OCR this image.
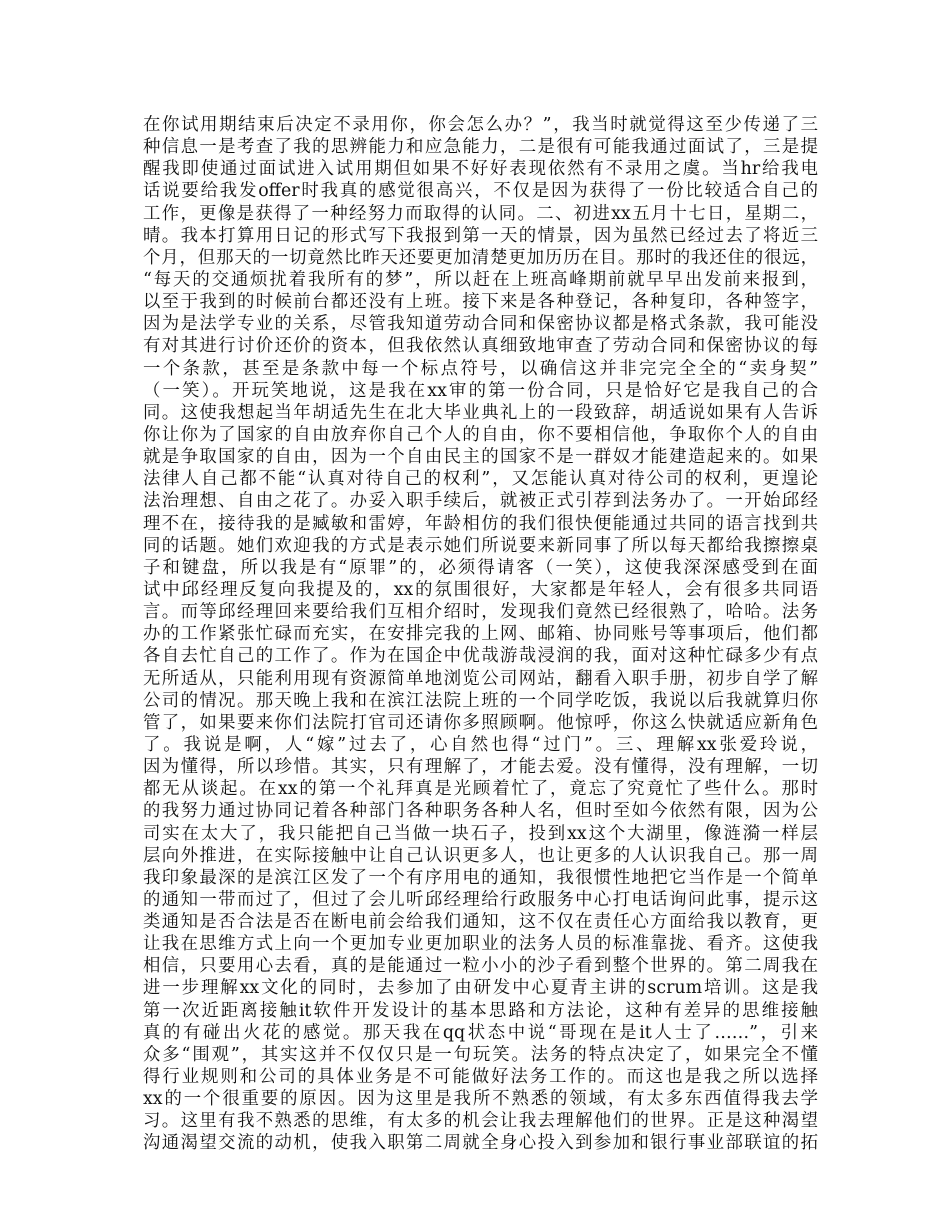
在你试用期结束后决定不录用你，你会怎么办？”，我当时就觉得这至少传递了三
种信息一是考查了我的思辨能力和应急能力，二是很有可能我通过面试了，三是提
醒我即使通过面试进入试用期但如果不好好表现依然有不录用之虞。当hr给我电
话说要给我发offer时我真的感觉很高兴，不仅是因为获得了一份比较适合自己的
工作，更像是获得了一种经努力而取得的认同。二、初进xx五月十七日，星期二，
晴。我本打算用日记的形式写下我报到第一天的情景，因为虽然已经过去了将近三
个月，但那天的一切竟然比昨天还要更加清楚更加历历在目。那时的我还住的很远，
“每天的交通烦扰着我所有的梦”，所以赶在上班高峰期前就早早出发前来报到，
以至于我到的时候前台都还没有上班。接下来是各种登记，各种复印，各种签字，
因为是法学专业的关系，尽管我知道劳动合同和保密协议都是格式条款，我可能没
有对其进行讨价还价的资本，但我依然认真细致地审查了劳动合同和保密协议的每
一个条款，甚至是条款中每一个标点符号，以确信这并非完完全全的“卖身契”
（一笑）。开玩笑地说，这是我在xx审的第一份合同，只是恰好它是我自己的合
同。这使我想起当年胡适先生在北大毕业典礼上的一段致辞，胡适说如果有人告诉
你让你为了国家的自由放弃你自己个人的自由，你不要相信他，争取你个人的自由
就是争取国家的自由，因为一个自由民主的国家不是一群奴才能建造起来的。如果
法律人自己都不能“认真对待自己的权利”，又怎能认真对待公司的权利，更遑论
法治理想、自由之花了。办妥入职手续后，就被正式引荐到法务办了。一开始邱经
理不在，接待我的是臧敏和雷婷，年龄相仿的我们很快便能通过共同的语言找到共
同的话题。她们欢迎我的方式是表示她们所说要来新同事了所以每天都给我擦擦桌
子和键盘，所以我是有“原罪”的，必须得请客（一笑），这使我深深感受到在面
试中邱经理反复向我提及的，xx的氛围很好，大家都是年轻人，会有很多共同语
言。而等邱经理回来要给我们互相介绍时，发现我们竟然已经很熟了，哈哈。法务
办的工作紧张忙碌而充实，在安排完我的上网、邮箱、协同账号等事项后，他们都
各自去忙自己的工作了。作为在国企中优哉游哉浸润的我，面对这种忙碌多少有点
无所适从，只能利用现有资源简单地浏览公司网站，翻看入职手册，初步自学了解
公司的情况。那天晚上我和在滨江法院上班的一个同学吃饭，我说以后我就算归你
管了，如果要来你们法院打官司还请你多照顾啊。他惊呼，你这么快就适应新角色
了。我说是啊，人“嫁”过去了，心自然也得“过门”。三、理解xx张爱玲说，
因为懂得，所以珍惜。其实，只有理解了，才能去爱。没有懂得，没有理解，一切
都无从谈起。在xx的第一个礼拜真是光顾着忙了，竟忘了究竟忙了些什么。那时
的我努力通过协同记着各种部门各种职务各种人名，但时至如今依然有限，因为公
司实在太大了，我只能把自己当做一块石子，投到xx这个大湖里，像涟漪一样层
层向外推进，在实际接触中让自己认识更多人，也让更多的人认识我自己。那一周
我印象最深的是滨江区发了一个有序用电的通知，我很惯性地把它当作是一个简单
的通知一带而过了，但过了会儿听邱经理给行政服务中心打电话询问此事，提示这
类通知是否合法是否在断电前会给我们通知，这不仅在责任心方面给我以教育，更
让我在思维方式上向一个更加专业更加职业的法务人员的标准靠拢、看齐。这使我
相信，只要用心去看，真的是能通过一粒小小的沙子看到整个世界的。第二周我在
进一步理解xx文化的同时，去参加了由研发中心夏青主讲的scrum培训。这是我
第一次近距离接触it软件开发设计的基本思路和方法论，这种有差异的思维接触
真的有碰出火花的感觉。那天我在qq状态中说“哥现在是it人士了……”，引来
众多“围观”，其实这并不仅仅只是一句玩笑。法务的特点决定了，如果完全不懂
得行业规则和公司的具体业务是不可能做好法务工作的。而这也是我之所以选择
xx的一个很重要的原因。因为这里是我所不熟悉的领域，有太多东西值得我去学
习。这里有我不熟悉的思维，有太多的机会让我去理解他们的世界。正是这种渴望
沟通渴望交流的动机，使我入职第二周就全身心投入到参加和银行事业部联谊的拓
